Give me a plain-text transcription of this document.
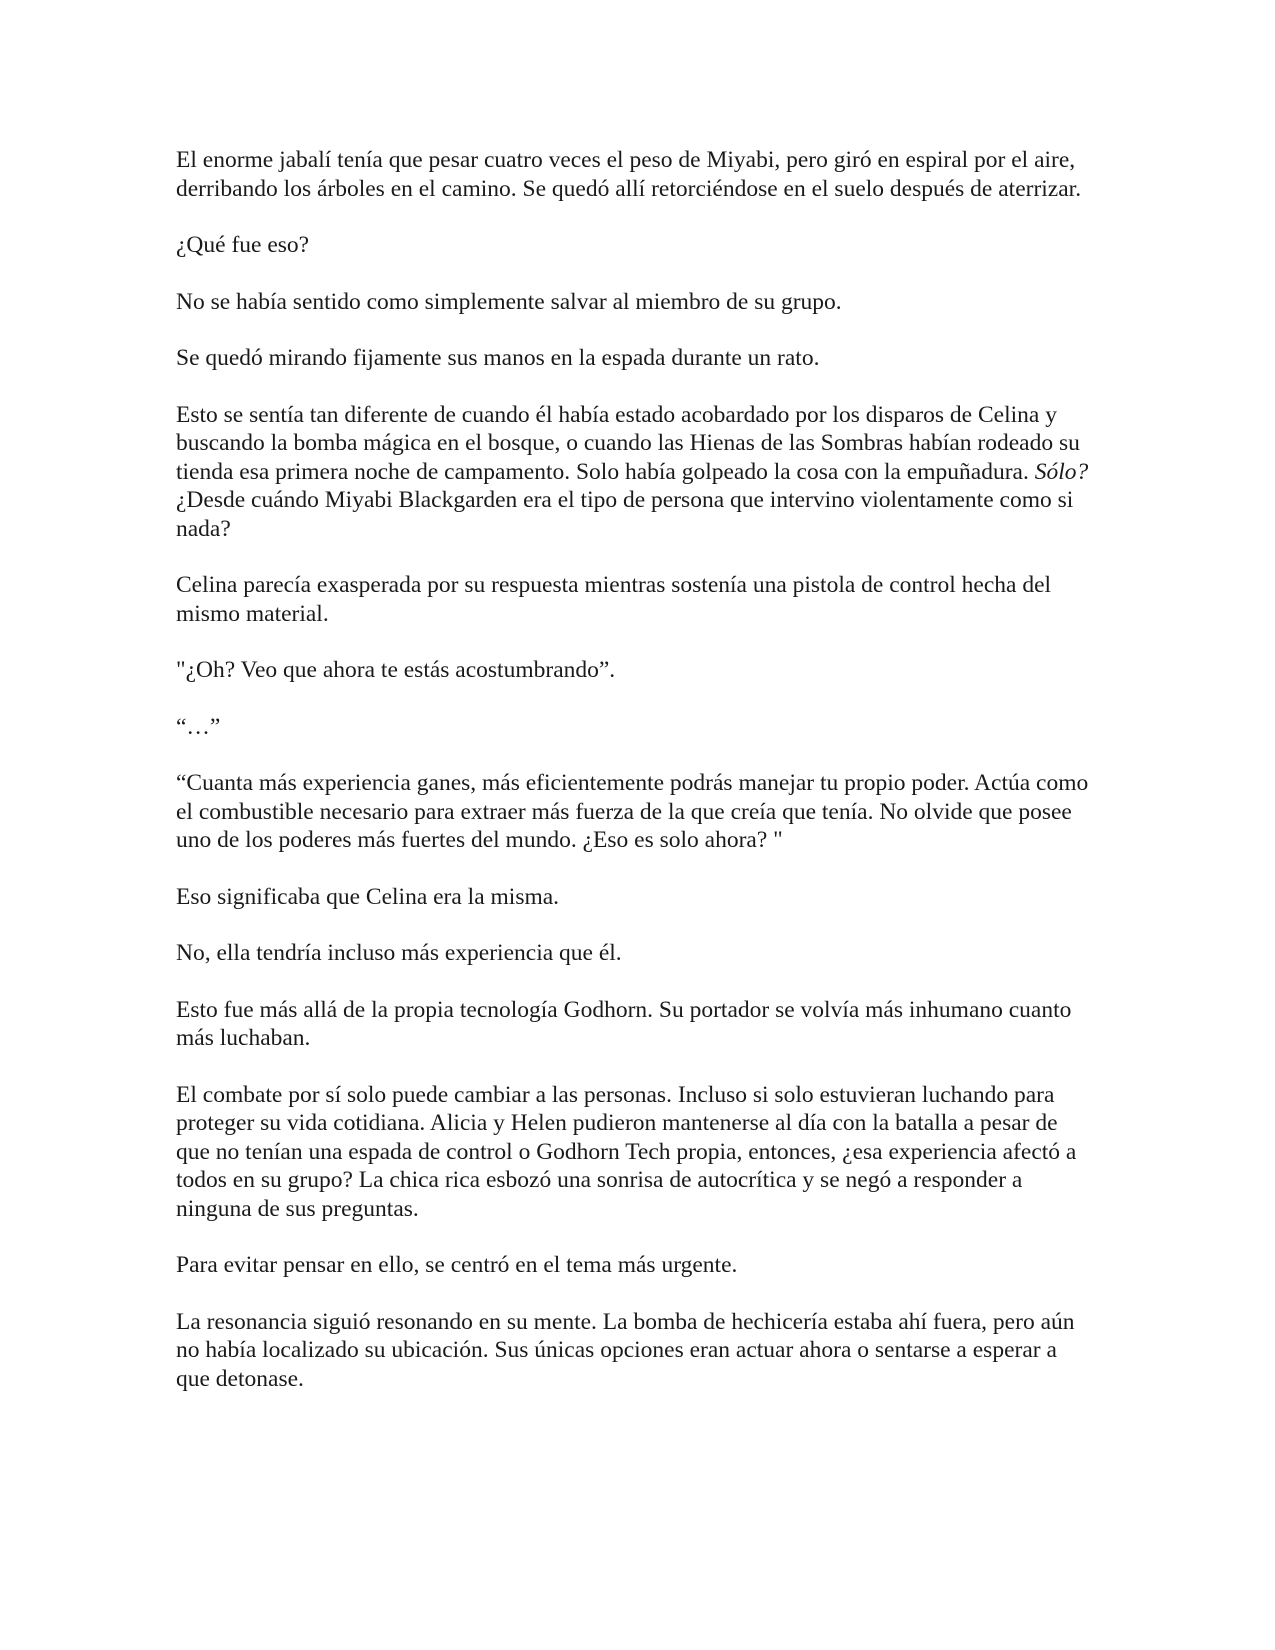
El enorme jabalí tenía que pesar cuatro veces el peso de Miyabi, pero giró en espiral por el aire, derribando los árboles en el camino. Se quedó allí retorciéndose en el suelo después de aterrizar.

¿Qué fue eso?

No se había sentido como simplemente salvar al miembro de su grupo.

Se quedó mirando fijamente sus manos en la espada durante un rato.

Esto se sentía tan diferente de cuando él había estado acobardado por los disparos de Celina y buscando la bomba mágica en el bosque, o cuando las Hienas de las Sombras habían rodeado su tienda esa primera noche de campamento. Solo había golpeado la cosa con la empuñadura. Sólo? ¿Desde cuándo Miyabi Blackgarden era el tipo de persona que intervino violentamente como si nada?

Celina parecía exasperada por su respuesta mientras sostenía una pistola de control hecha del mismo material.

"¿Oh? Veo que ahora te estás acostumbrando”.

“…”

“Cuanta más experiencia ganes, más eficientemente podrás manejar tu propio poder. Actúa como el combustible necesario para extraer más fuerza de la que creía que tenía. No olvide que posee uno de los poderes más fuertes del mundo. ¿Eso es solo ahora? "

Eso significaba que Celina era la misma.

No, ella tendría incluso más experiencia que él.

Esto fue más allá de la propia tecnología Godhorn. Su portador se volvía más inhumano cuanto más luchaban.

El combate por sí solo puede cambiar a las personas. Incluso si solo estuvieran luchando para proteger su vida cotidiana. Alicia y Helen pudieron mantenerse al día con la batalla a pesar de que no tenían una espada de control o Godhorn Tech propia, entonces, ¿esa experiencia afectó a todos en su grupo? La chica rica esbozó una sonrisa de autocrítica y se negó a responder a ninguna de sus preguntas.

Para evitar pensar en ello, se centró en el tema más urgente.

La resonancia siguió resonando en su mente. La bomba de hechicería estaba ahí fuera, pero aún no había localizado su ubicación. Sus únicas opciones eran actuar ahora o sentarse a esperar a que detonase.
